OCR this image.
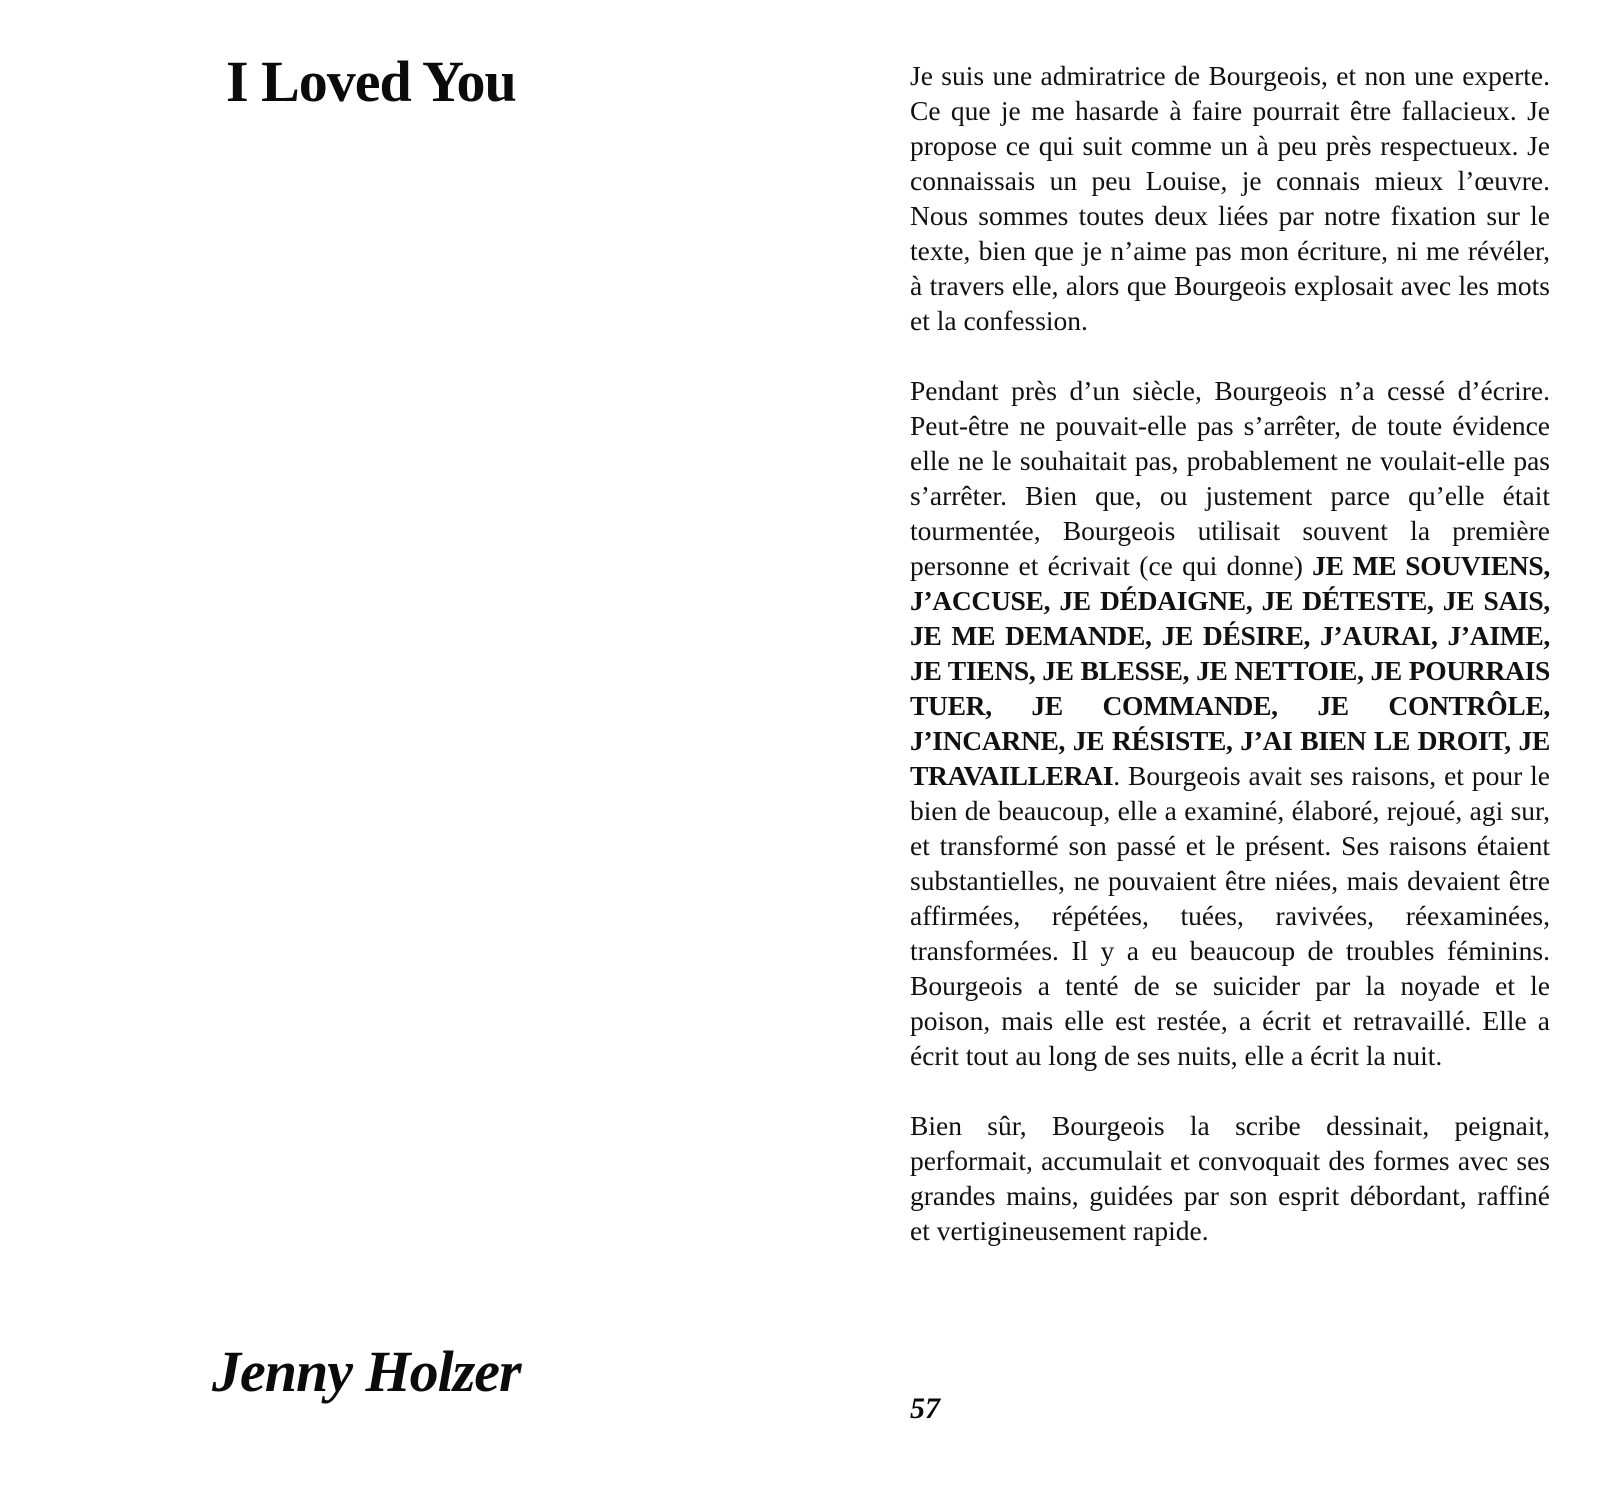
I Loved You
Jenny Holzer

Je suis une admiratrice de Bourgeois, et non une experte. Ce que je me hasarde à faire pourrait être fallacieux. Je propose ce qui suit comme un à peu près respectueux. Je connaissais un peu Louise, je connais mieux l’œuvre. Nous sommes toutes deux liées par notre fixation sur le texte, bien que je n’aime pas mon écriture, ni me révéler, à travers elle, alors que Bourgeois explosait avec les mots et la confession.

Pendant près d’un siècle, Bourgeois n’a cessé d’écrire. Peut-être ne pouvait-elle pas s’arrêter, de toute évidence elle ne le souhaitait pas, probablement ne voulait-elle pas s’arrêter. Bien que, ou justement parce qu’elle était tourmentée, Bourgeois utilisait souvent la première personne et écrivait (ce qui donne) JE ME SOUVIENS, J’ACCUSE, JE DÉDAIGNE, JE DÉTESTE, JE SAIS, JE ME DEMANDE, JE DÉSIRE, J’AURAI, J’AIME, JE TIENS, JE BLESSE, JE NETTOIE, JE POURRAIS TUER, JE COMMANDE, JE CONTRÔLE, J’INCARNE, JE RÉSISTE, J’AI BIEN LE DROIT, JE TRAVAILLERAI. Bourgeois avait ses raisons, et pour le bien de beaucoup, elle a examiné, élaboré, rejoué, agi sur, et transformé son passé et le présent. Ses raisons étaient substantielles, ne pouvaient être niées, mais devaient être affirmées, répétées, tuées, ravivées, réexaminées, transformées. Il y a eu beaucoup de troubles féminins. Bourgeois a tenté de se suicider par la noyade et le poison, mais elle est restée, a écrit et retravaillé. Elle a écrit tout au long de ses nuits, elle a écrit la nuit.

Bien sûr, Bourgeois la scribe dessinait, peignait, performait, accumulait et convoquait des formes avec ses grandes mains, guidées par son esprit débordant, raffiné et vertigineusement rapide.

57
